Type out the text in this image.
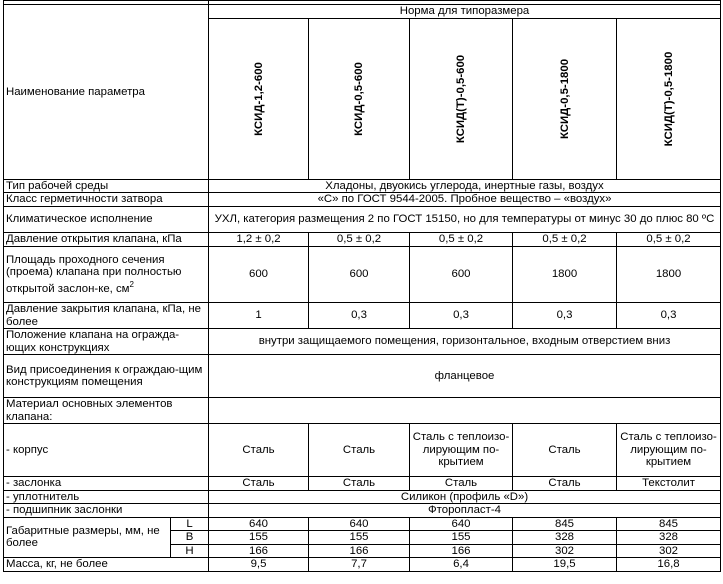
Наименование параметра		Норма для типоразмера				

		КСИД-1,2-600	КСИД-0,5-600	КСИД(Т)-0,5-600	КСИД-0,5-1800	КСИД(Т)-0,5-1800

Тип рабочей среды		Хладоны, двуокись углерода, инертные газы, воздух				
Класс герметичности затвора		«С» по ГОСТ 9544-2005. Пробное вещество – «воздух»				
Климатическое исполнение		УХЛ, категория размещения 2 по ГОСТ 15150, но для температуры от минус 30 до плюс 80 ºС				
Давление открытия клапана, кПа		1,2 ± 0,2	0,5 ± 0,2	0,5 ± 0,2	0,5 ± 0,2	0,5 ± 0,2
Площадь проходного сечения (проема) клапана при полностью открытой заслон-ке, $см^2$		600	600	600	1800	1800
Давление закрытия клапана, кПа, не более		1	0,3	0,3	0,3	0,3
Положение клапана на огражда-ющих конструкциях		внутри защищаемого помещения, горизонтальное, входным отверстием вниз				
Вид присоединения к ограждаю-щим конструкциям помещения		фланцевое				
Материал основных элементов клапана:						
- корпус		Сталь	Сталь	Сталь с теплоизо-лирующим по-крытием	Сталь	Сталь с теплоизо-лирующим по-крытием
- заслонка		Сталь	Сталь	Сталь	Сталь	Текстолит
- уплотнитель		Силикон (профиль «D»)				
- подшипник заслонки		Фторопласт-4				
Габаритные размеры, мм, не более	L	640	640	640	845	845
	B	155	155	155	328	328
	H	166	166	166	302	302
Масса, кг, не более		9,5	7,7	6,4	19,5	16,8
